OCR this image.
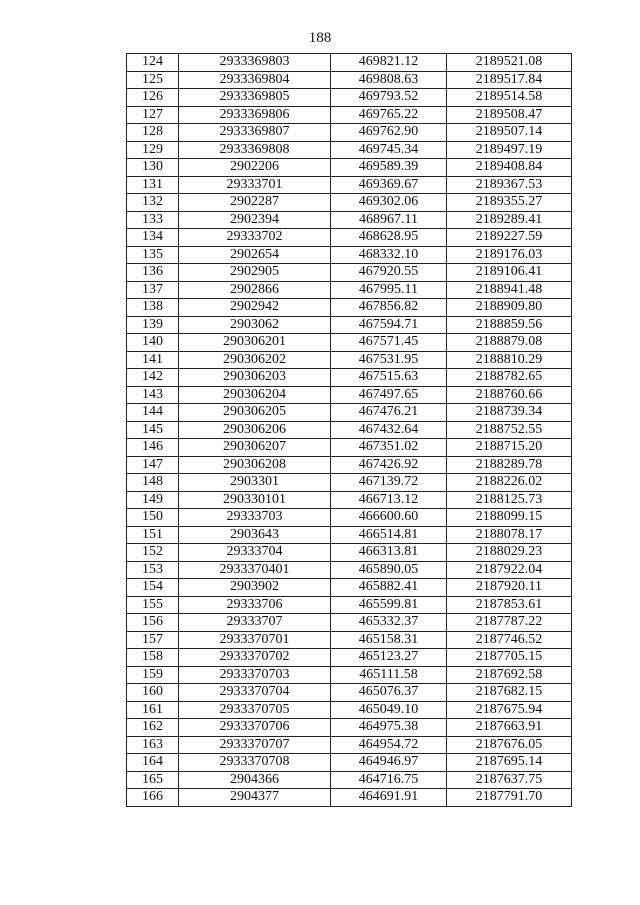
188
124	2933369803	469821.12	2189521.08
125	2933369804	469808.63	2189517.84
126	2933369805	469793.52	2189514.58
127	2933369806	469765.22	2189508.47
128	2933369807	469762.90	2189507.14
129	2933369808	469745.34	2189497.19
130	2902206	469589.39	2189408.84
131	29333701	469369.67	2189367.53
132	2902287	469302.06	2189355.27
133	2902394	468967.11	2189289.41
134	29333702	468628.95	2189227.59
135	2902654	468332.10	2189176.03
136	2902905	467920.55	2189106.41
137	2902866	467995.11	2188941.48
138	2902942	467856.82	2188909.80
139	2903062	467594.71	2188859.56
140	290306201	467571.45	2188879.08
141	290306202	467531.95	2188810.29
142	290306203	467515.63	2188782.65
143	290306204	467497.65	2188760.66
144	290306205	467476.21	2188739.34
145	290306206	467432.64	2188752.55
146	290306207	467351.02	2188715.20
147	290306208	467426.92	2188289.78
148	2903301	467139.72	2188226.02
149	290330101	466713.12	2188125.73
150	29333703	466600.60	2188099.15
151	2903643	466514.81	2188078.17
152	29333704	466313.81	2188029.23
153	2933370401	465890.05	2187922.04
154	2903902	465882.41	2187920.11
155	29333706	465599.81	2187853.61
156	29333707	465332.37	2187787.22
157	2933370701	465158.31	2187746.52
158	2933370702	465123.27	2187705.15
159	2933370703	465111.58	2187692.58
160	2933370704	465076.37	2187682.15
161	2933370705	465049.10	2187675.94
162	2933370706	464975.38	2187663.91
163	2933370707	464954.72	2187676.05
164	2933370708	464946.97	2187695.14
165	2904366	464716.75	2187637.75
166	2904377	464691.91	2187791.70
